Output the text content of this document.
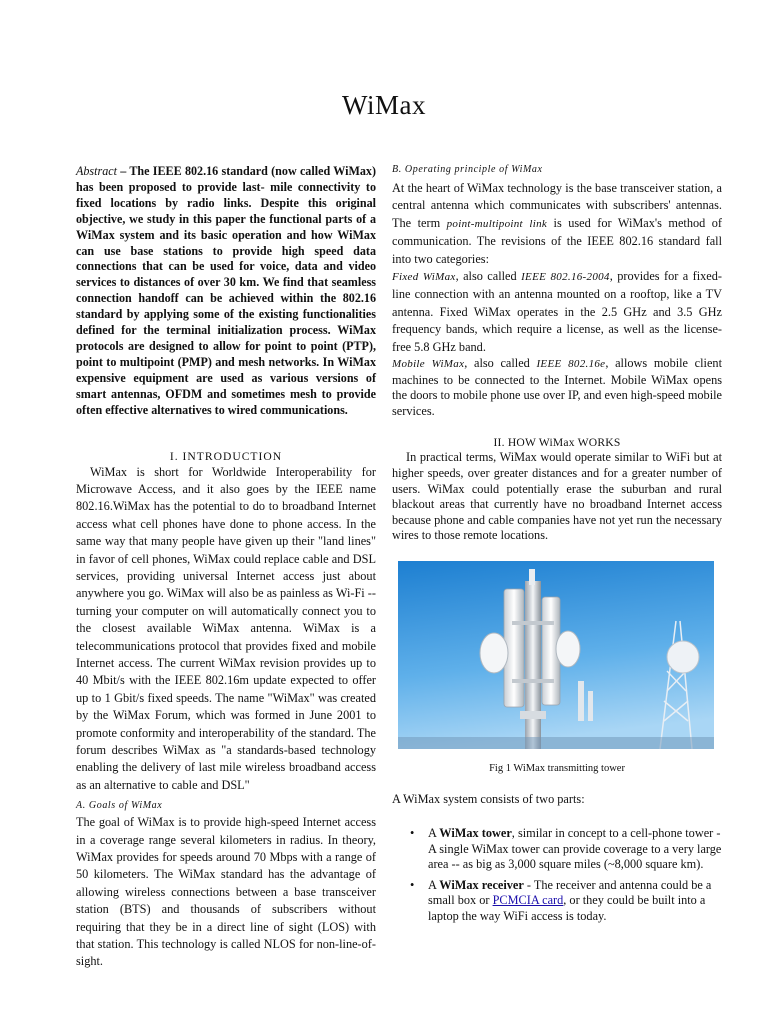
WiMax

Abstract – The IEEE 802.16 standard (now called WiMax) has been proposed to provide last- mile connectivity to fixed locations by radio links. Despite this original objective, we study in this paper the functional parts of a WiMax system and its basic operation and how WiMax can use base stations to provide high speed data connections that can be used for voice, data and video services to distances of over 30 km. We find that seamless connection handoff can be achieved within the 802.16 standard by applying some of the existing functionalities defined for the terminal initialization process. WiMax protocols are designed to allow for point to point (PTP), point to multipoint (PMP) and mesh networks. In WiMax expensive equipment are used as various versions of smart antennas, OFDM and sometimes mesh to provide often effective alternatives to wired communications.

I. INTRODUCTION

WiMax is short for Worldwide Interoperability for Microwave Access, and it also goes by the IEEE name 802.16.WiMax has the potential to do to broadband Internet access what cell phones have done to phone access. In the same way that many people have given up their "land lines" in favor of cell phones, WiMax could replace cable and DSL services, providing universal Internet access just about anywhere you go. WiMax will also be as painless as Wi-Fi -- turning your computer on will automatically connect you to the closest available WiMax antenna. WiMax is a telecommunications protocol that provides fixed and mobile Internet access. The current WiMax revision provides up to 40 Mbit/s with the IEEE 802.16m update expected to offer up to 1 Gbit/s fixed speeds. The name "WiMax" was created by the WiMax Forum, which was formed in June 2001 to promote conformity and interoperability of the standard. The forum describes WiMax as "a standards-based technology enabling the delivery of last mile wireless broadband access as an alternative to cable and DSL"

A. Goals of WiMax

The goal of WiMax is to provide high-speed Internet access in a coverage range several kilometers in radius. In theory, WiMax provides for speeds around 70 Mbps with a range of 50 kilometers. The WiMax standard has the advantage of allowing wireless connections between a base transceiver station (BTS) and thousands of subscribers without requiring that they be in a direct line of sight (LOS) with that station. This technology is called NLOS for non-line-of-sight.

B. Operating principle of WiMax

At the heart of WiMax technology is the base transceiver station, a central antenna which communicates with subscribers' antennas. The term point-multipoint link is used for WiMax's method of communication. The revisions of the IEEE 802.16 standard fall into two categories:

Fixed WiMax, also called IEEE 802.16-2004, provides for a fixed-line connection with an antenna mounted on a rooftop, like a TV antenna. Fixed WiMax operates in the 2.5 GHz and 3.5 GHz frequency bands, which require a license, as well as the license-free 5.8 GHz band.

Mobile WiMax, also called IEEE 802.16e, allows mobile client machines to be connected to the Internet. Mobile WiMax opens the doors to mobile phone use over IP, and even high-speed mobile services.

II. HOW WiMax WORKS

In practical terms, WiMax would operate similar to WiFi but at higher speeds, over greater distances and for a greater number of users. WiMax could potentially erase the suburban and rural blackout areas that currently have no broadband Internet access because phone and cable companies have not yet run the necessary wires to those remote locations.

Fig 1 WiMax transmitting tower

A WiMax system consists of two parts:

• A WiMax tower, similar in concept to a cell-phone tower - A single WiMax tower can provide coverage to a very large area -- as big as 3,000 square miles (~8,000 square km).
• A WiMax receiver - The receiver and antenna could be a small box or PCMCIA card, or they could be built into a laptop the way WiFi access is today.
